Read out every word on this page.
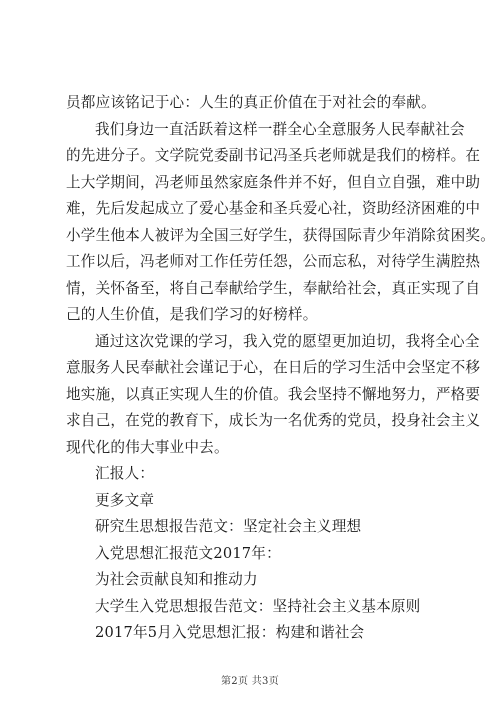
员都应该铭记于心：人生的真正价值在于对社会的奉献。
我们身边一直活跃着这样一群全心全意服务人民奉献社会
的先进分子。文学院党委副书记冯圣兵老师就是我们的榜样。在
上大学期间，冯老师虽然家庭条件并不好，但自立自强，难中助
难，先后发起成立了爱心基金和圣兵爱心社，资助经济困难的中
小学生他本人被评为全国三好学生，获得国际青少年消除贫困奖。
工作以后，冯老师对工作任劳任怨，公而忘私，对待学生满腔热
情，关怀备至，将自己奉献给学生，奉献给社会，真正实现了自
己的人生价值，是我们学习的好榜样。
通过这次党课的学习，我入党的愿望更加迫切，我将全心全
意服务人民奉献社会谨记于心，在日后的学习生活中会坚定不移
地实施，以真正实现人生的价值。我会坚持不懈地努力，严格要
求自己，在党的教育下，成长为一名优秀的党员，投身社会主义
现代化的伟大事业中去。
汇报人：
更多文章
研究生思想报告范文：坚定社会主义理想
入党思想汇报范文2017年：
为社会贡献良知和推动力
大学生入党思想报告范文：坚持社会主义基本原则
2017年5月入党思想汇报：构建和谐社会
第2页 共3页
